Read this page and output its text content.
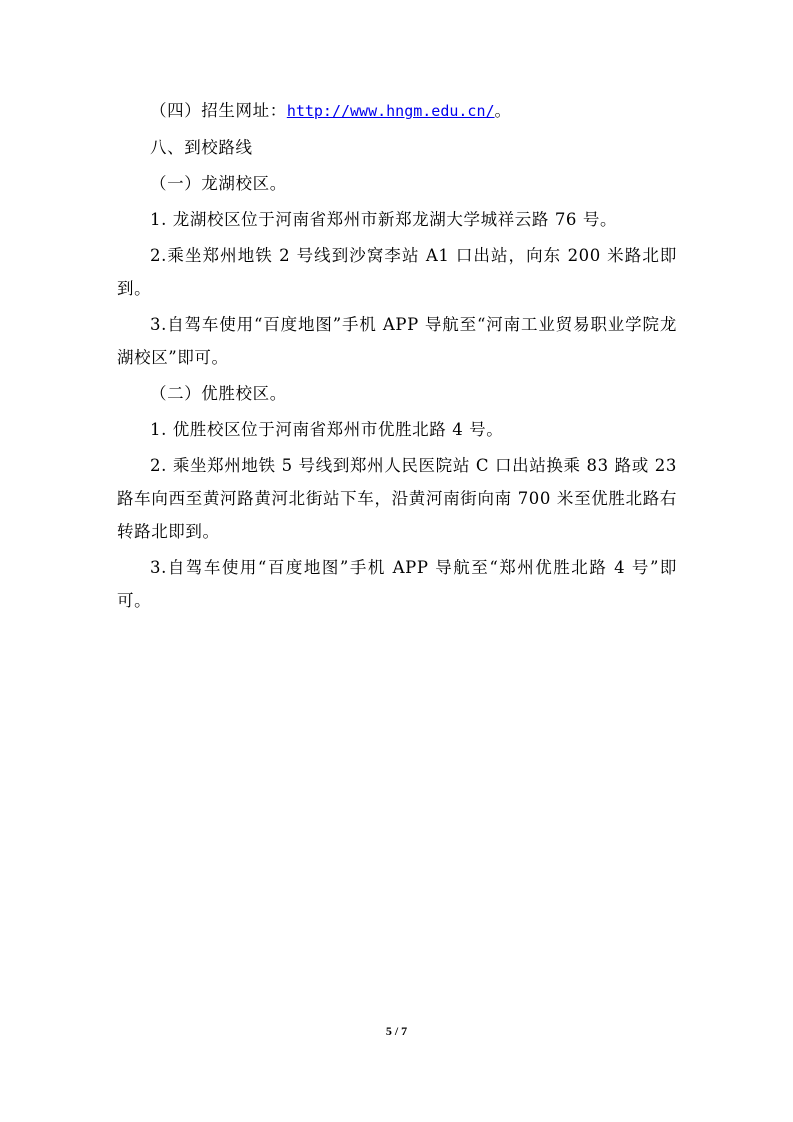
（四）招生网址：http://www.hngm.edu.cn/。

八、到校路线

（一）龙湖校区。

1. 龙湖校区位于河南省郑州市新郑龙湖大学城祥云路 76 号。

2.乘坐郑州地铁 2 号线到沙窝李站 A1 口出站，向东 200 米路北即到。

3.自驾车使用“百度地图”手机 APP 导航至“河南工业贸易职业学院龙湖校区”即可。

（二）优胜校区。

1. 优胜校区位于河南省郑州市优胜北路 4 号。

2. 乘坐郑州地铁 5 号线到郑州人民医院站 C 口出站换乘 83 路或 23 路车向西至黄河路黄河北街站下车，沿黄河南街向南 700 米至优胜北路右转路北即到。

3.自驾车使用“百度地图”手机 APP 导航至“郑州优胜北路 4 号”即可。

5 / 7
